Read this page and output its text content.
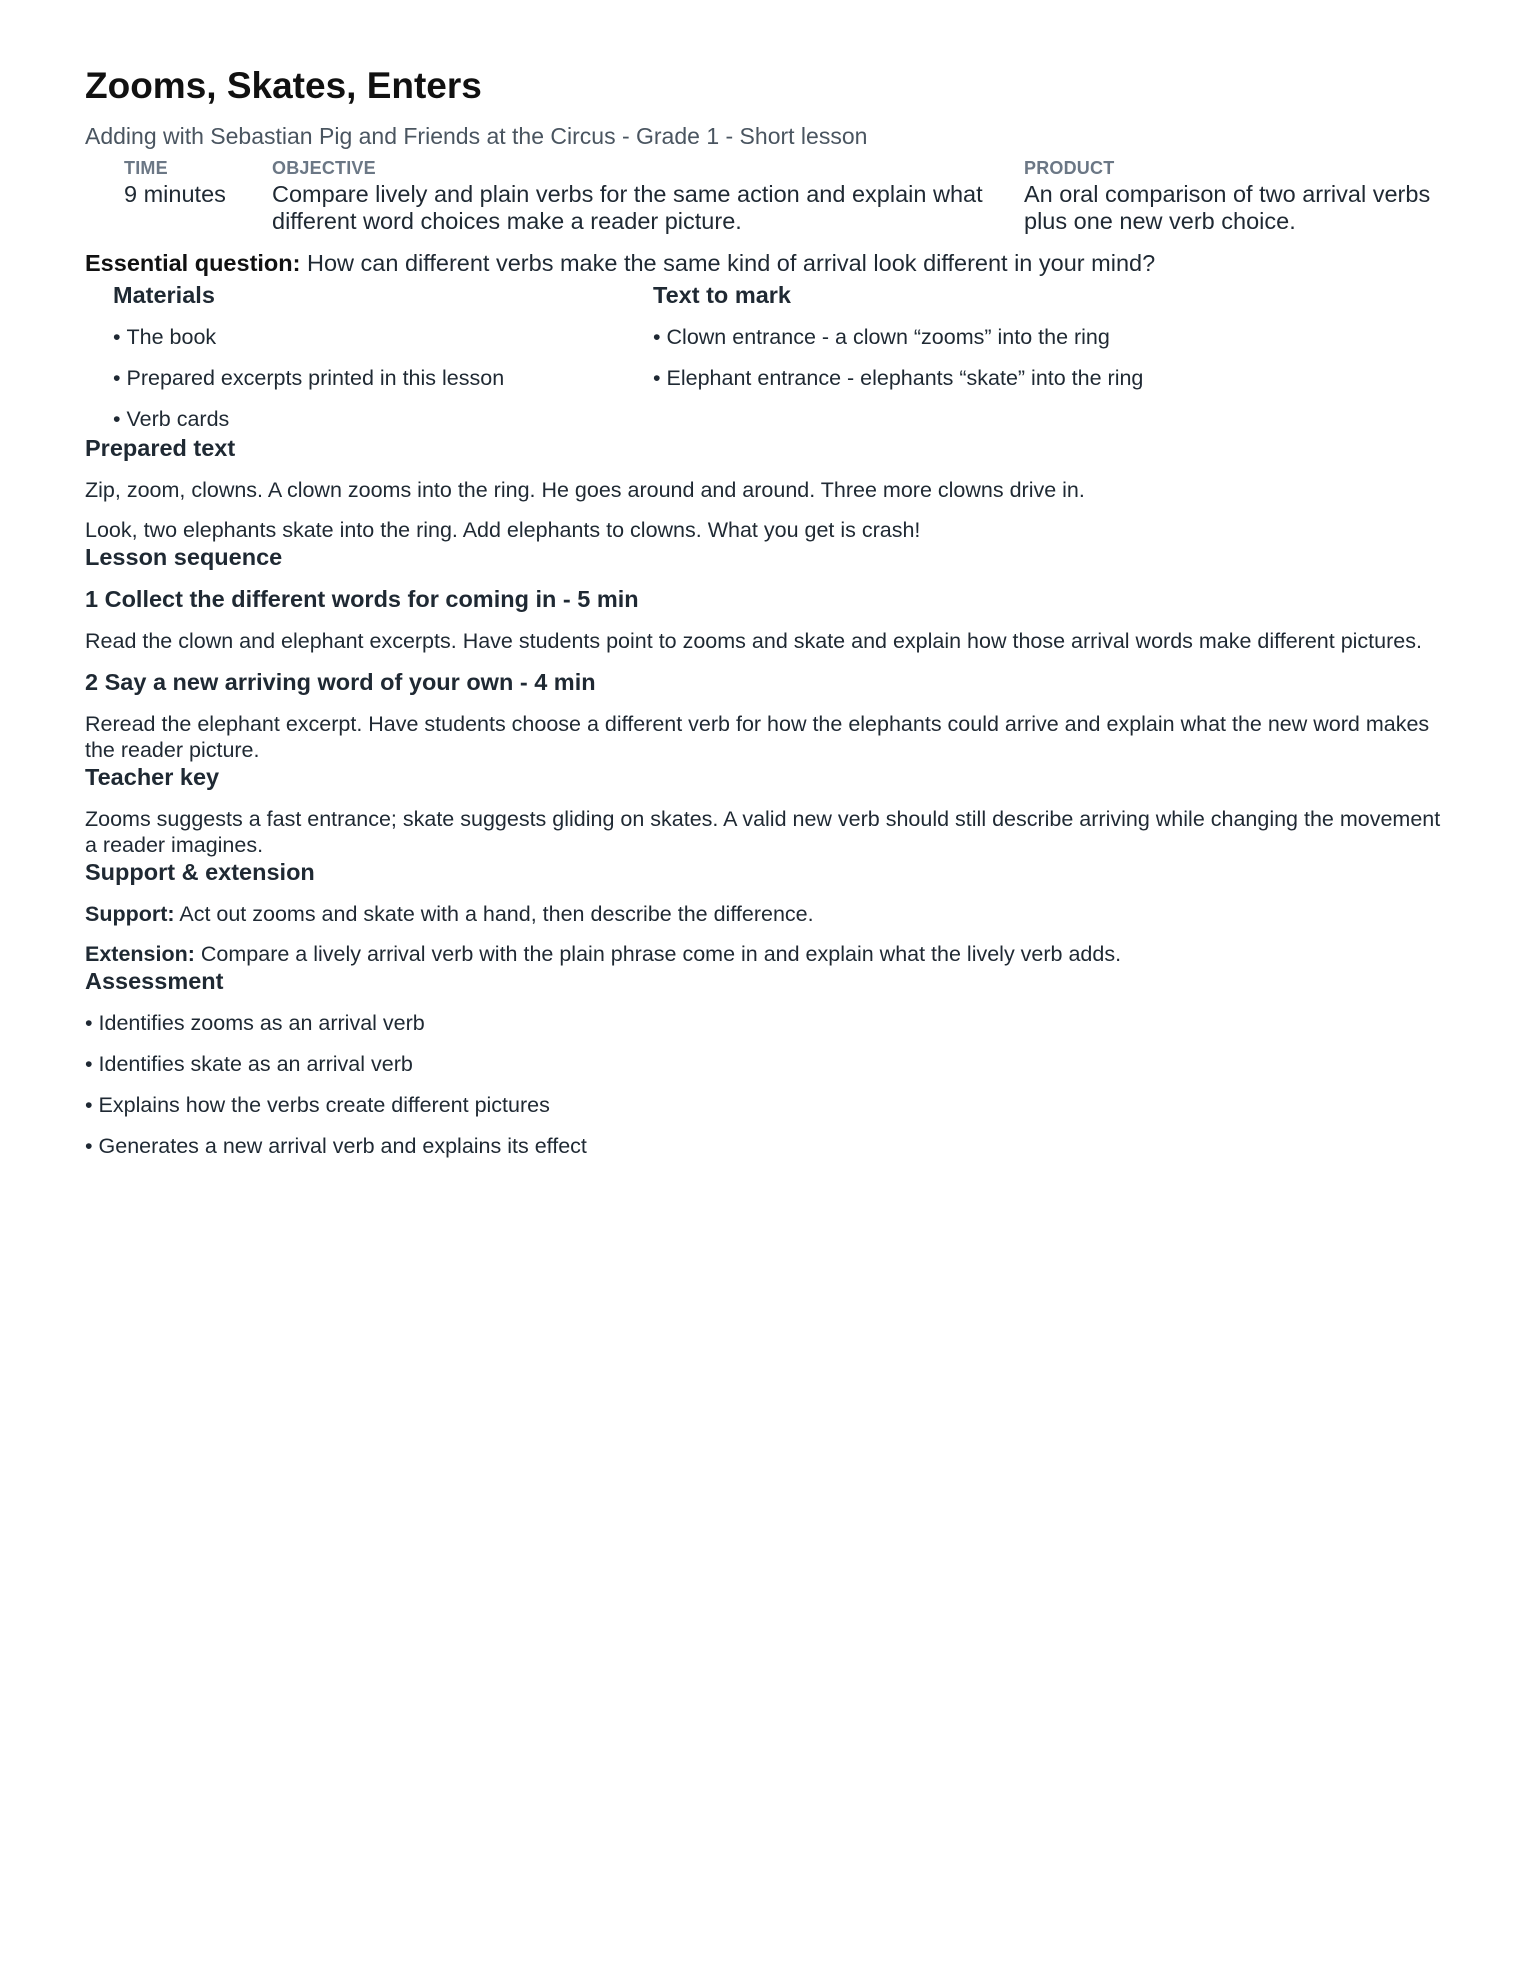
Zooms, Skates, Enters
Adding with Sebastian Pig and Friends at the Circus - Grade 1 - Short lesson
TIME
9 minutes
OBJECTIVE
Compare lively and plain verbs for the same action and explain what different word choices make a reader picture.
PRODUCT
An oral comparison of two arrival verbs plus one new verb choice.
Essential question: How can different verbs make the same kind of arrival look different in your mind?
Materials
• The book
• Prepared excerpts printed in this lesson
• Verb cards
Text to mark
• Clown entrance - a clown “zooms” into the ring
• Elephant entrance - elephants “skate” into the ring
Prepared text

Zip, zoom, clowns. A clown zooms into the ring. He goes around and around. Three more clowns drive in.

Look, two elephants skate into the ring. Add elephants to clowns. What you get is crash!

Lesson sequence
1 Collect the different words for coming in - 5 min

Read the clown and elephant excerpts. Have students point to zooms and skate and explain how those arrival words make different pictures.

2 Say a new arriving word of your own - 4 min

Reread the elephant excerpt. Have students choose a different verb for how the elephants could arrive and explain what the new word makes the reader picture.

Teacher key

Zooms suggests a fast entrance; skate suggests gliding on skates. A valid new verb should still describe arriving while changing the movement a reader imagines.

Support & extension

Support: Act out zooms and skate with a hand, then describe the difference.

Extension: Compare a lively arrival verb with the plain phrase come in and explain what the lively verb adds.

Assessment
• Identifies zooms as an arrival verb
• Identifies skate as an arrival verb
• Explains how the verbs create different pictures
• Generates a new arrival verb and explains its effect
